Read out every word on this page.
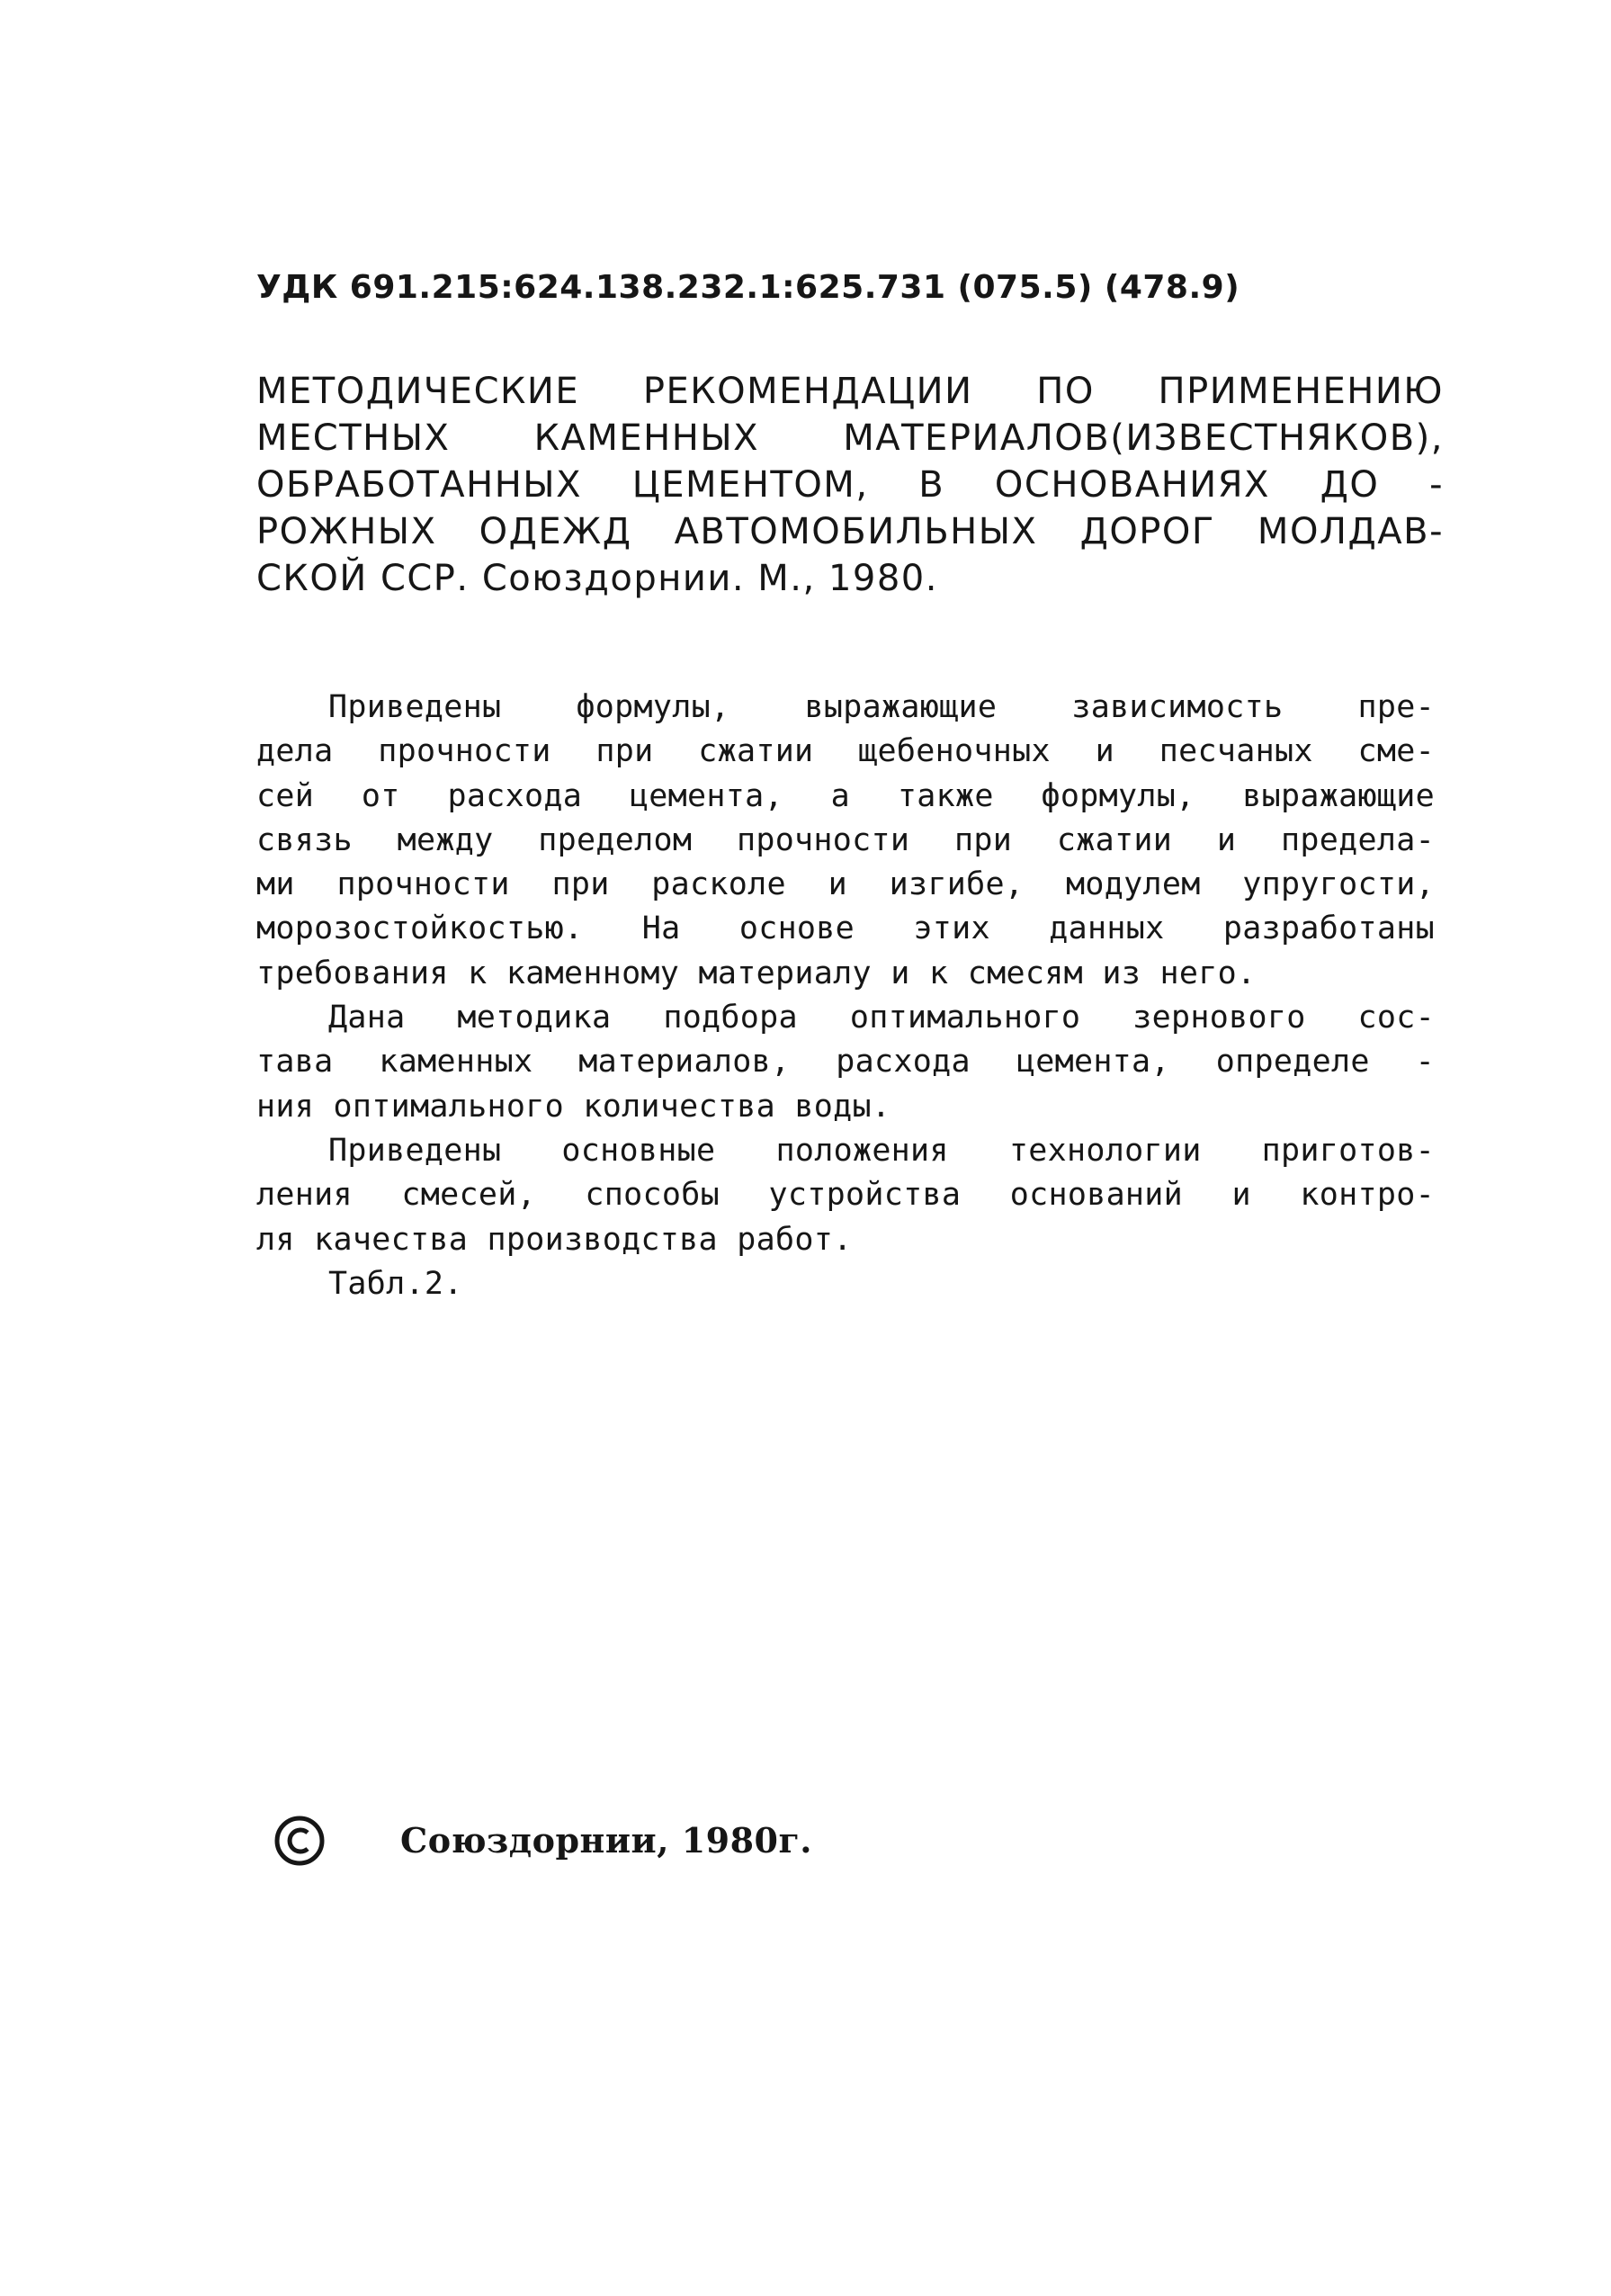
УДК 691.215:624.138.232.1:625.731 (075.5) (478.9)
МЕТОДИЧЕСКИЕ РЕКОМЕНДАЦИИ ПО ПРИМЕНЕНИЮ
МЕСТНЫХ КАМЕННЫХ МАТЕРИАЛОВ(ИЗВЕСТНЯКОВ),
ОБРАБОТАННЫХ ЦЕМЕНТОМ, В ОСНОВАНИЯХ ДО -
РОЖНЫХ ОДЕЖД АВТОМОБИЛЬНЫХ ДОРОГ МОЛДАВ-
СКОЙ ССР. Союздорнии. М., 1980.
Приведены формулы, выражающие зависимость пре-
дела прочности при сжатии щебеночных и песчаных сме-
сей от расхода цемента, а также формулы, выражающие
связь между пределом прочности при сжатии и предела-
ми прочности при расколе и изгибе, модулем упругости,
морозостойкостью. На основе этих данных разработаны
требования к каменному материалу и к смесям из него.
Дана методика подбора оптимального зернового сос-
тава каменных материалов, расхода цемента, определе -
ния оптимального количества воды.
Приведены основные положения технологии приготов-
ления смесей, способы устройства оснований и контро-
ля качества производства работ.
Табл.2.
Союздорнии, 1980г.
